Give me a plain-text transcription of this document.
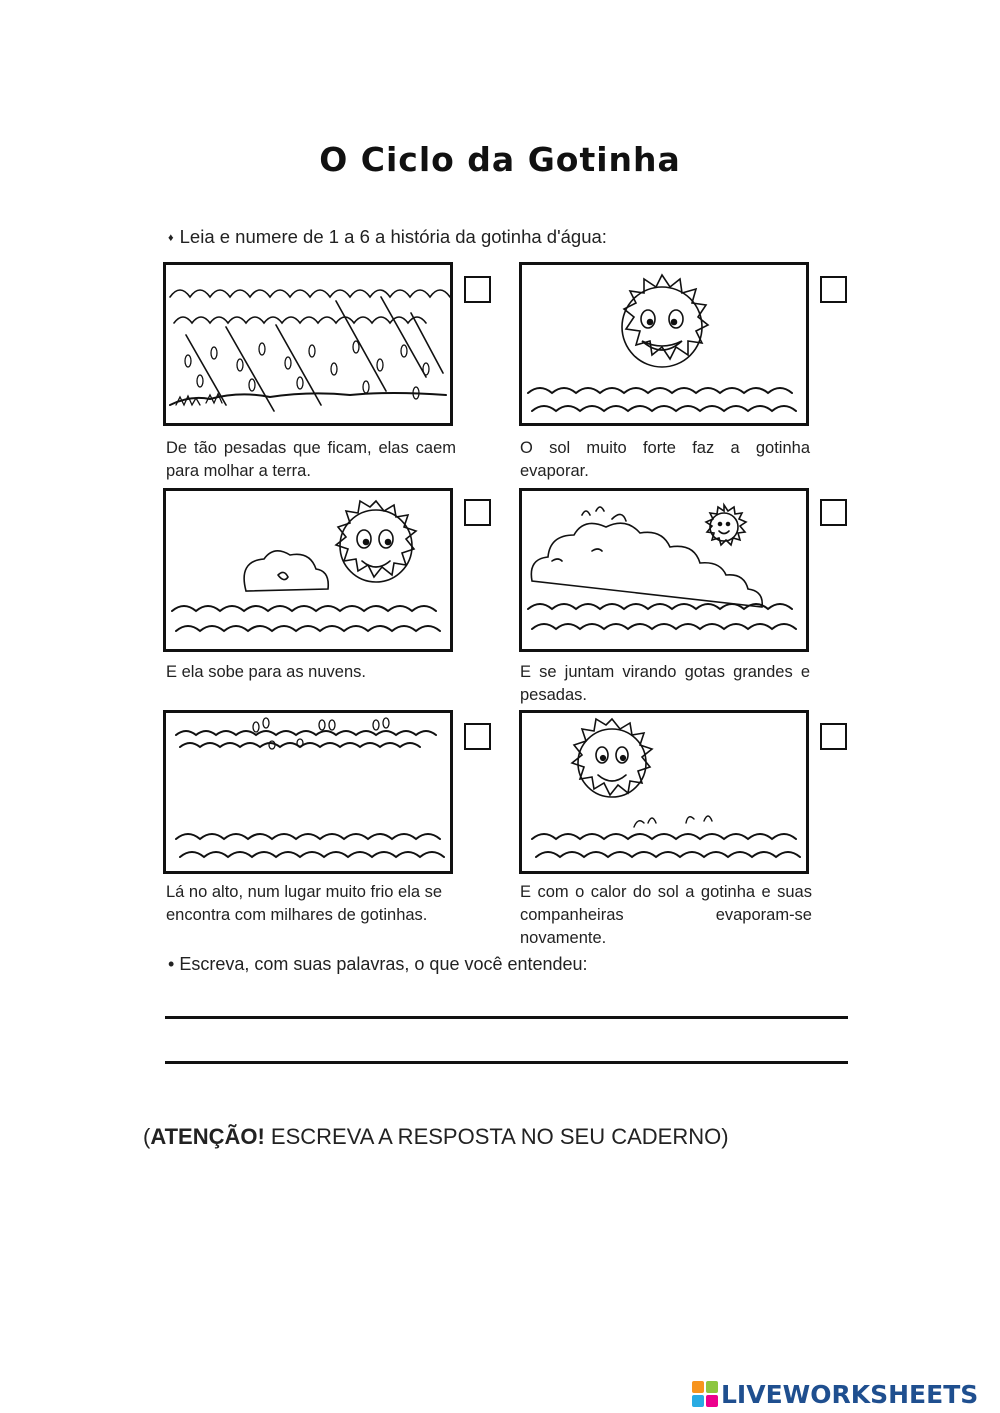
O Ciclo da Gotinha
♦ Leia e numere de 1 a 6 a história da gotinha d'água:
De tão pesadas que ficam, elas caem para molhar a terra.
O sol muito forte faz a gotinha evaporar.
E ela sobe para as nuvens.	E se juntam virando gotas grandes e pesadas.
Lá no alto, num lugar muito frio ela se encontra com milhares de gotinhas.
E com o calor do sol a gotinha e suas companheiras evaporam-se novamente.
• Escreva, com suas palavras, o que você entendeu:
(ATENÇÃO! ESCREVA A RESPOSTA NO SEU CADERNO)
LIVEWORKSHEETS
